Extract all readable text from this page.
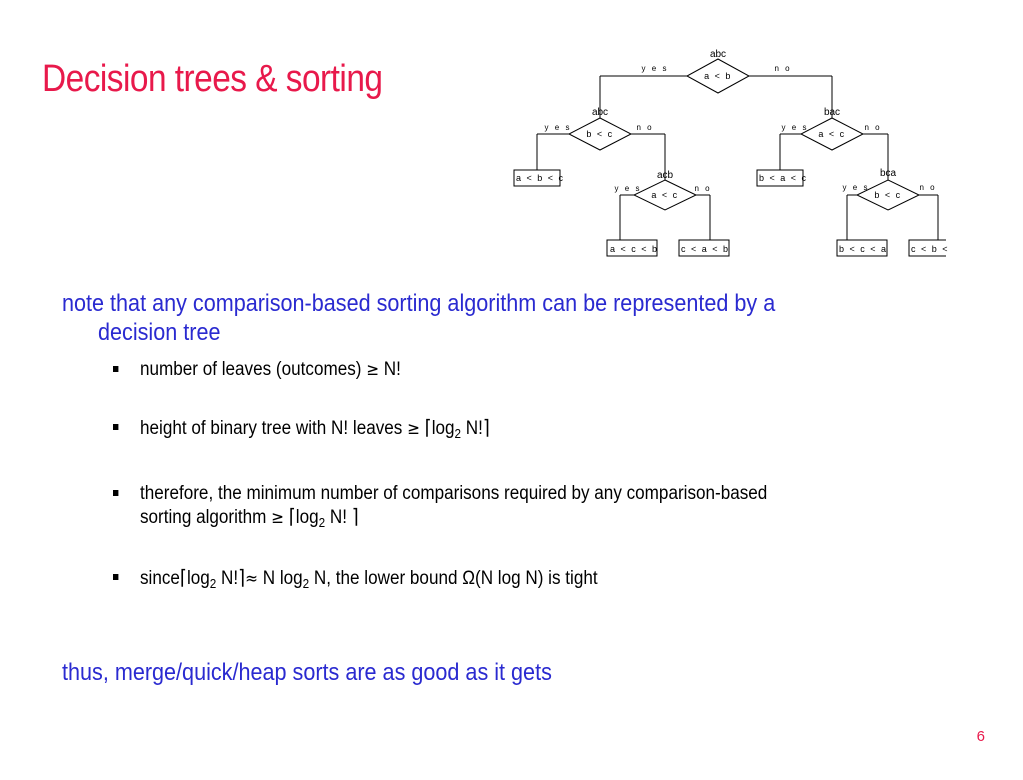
Decision trees & sorting
abc
a < b
y e s	n o
abc
b < c
y e s	n o
bac
a < c
y e s	n o
acb
a < c
y e s	n o
bca
b < c
y e s	n o
a < b < c
a < c < b c < a < b
b < a < c
b < c < a	c < b <
note that any comparison-based sorting algorithm can be represented by a
decision tree
number of leaves (outcomes) ≥ N!
height of binary tree with N! leaves ≥ $⌈\log_2$ N!⌉
therefore, the minimum number of comparisons required by any comparison-based
sorting algorithm ≥ $⌈\log_2$ N! ⌉
$since⌈\log_2$ N!⌉≈ N $\log_2 N$, the lower bound Ω(N log N) is tight
thus, merge/quick/heap sorts are as good as it gets
6
